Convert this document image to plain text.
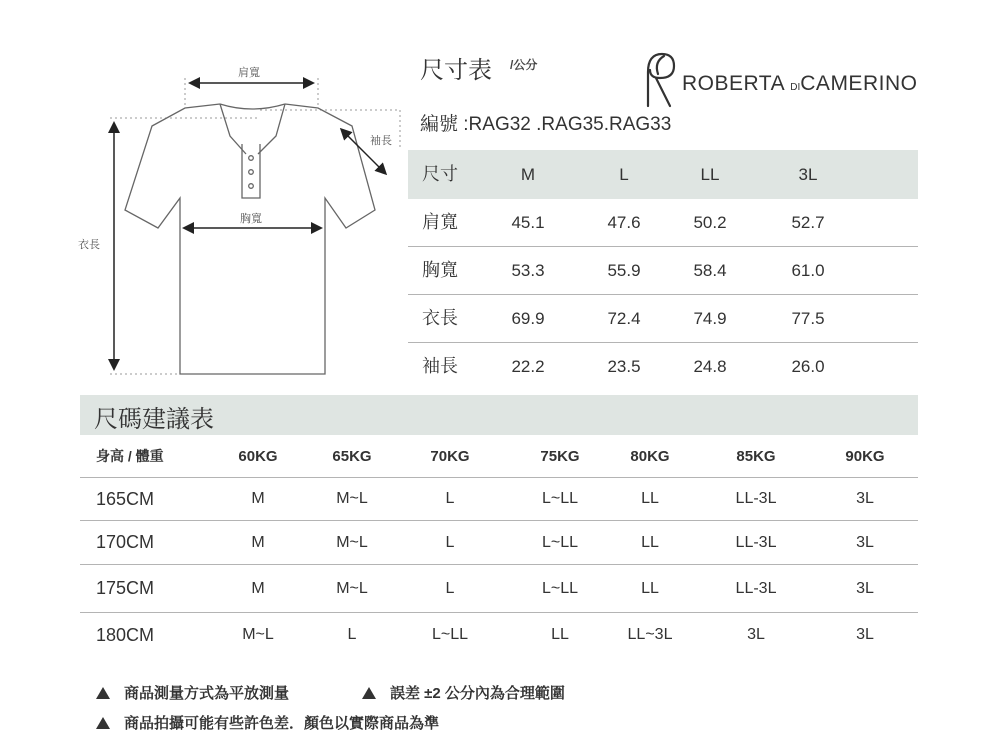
肩寬
胸寬
衣長
袖長
尺寸表 /公分
編號 :RAG32 .RAG35.RAG33
ROBERTA DICAMERINO
尺寸	M	L	LL	3L
肩寬	45.1	47.6	50.2	52.7
胸寬	53.3	55.9	58.4	61.0
衣長	69.9	72.4	74.9	77.5
袖長	22.2	23.5	24.8	26.0
尺碼建議表
身高 / 體重	60KG	65KG	70KG	75KG	80KG	85KG	90KG
165CM	M	M~L	L	L~LL	LL	LL-3L	3L
170CM	M	M~L	L	L~LL	LL	LL-3L	3L
175CM	M	M~L	L	L~LL	LL	LL-3L	3L
180CM	M~L	L	L~LL	LL	LL~3L	3L	3L
商品測量方式為平放測量	誤差 ±2 公分內為合理範圍
商品拍攝可能有些許色差．顏色以實際商品為準
